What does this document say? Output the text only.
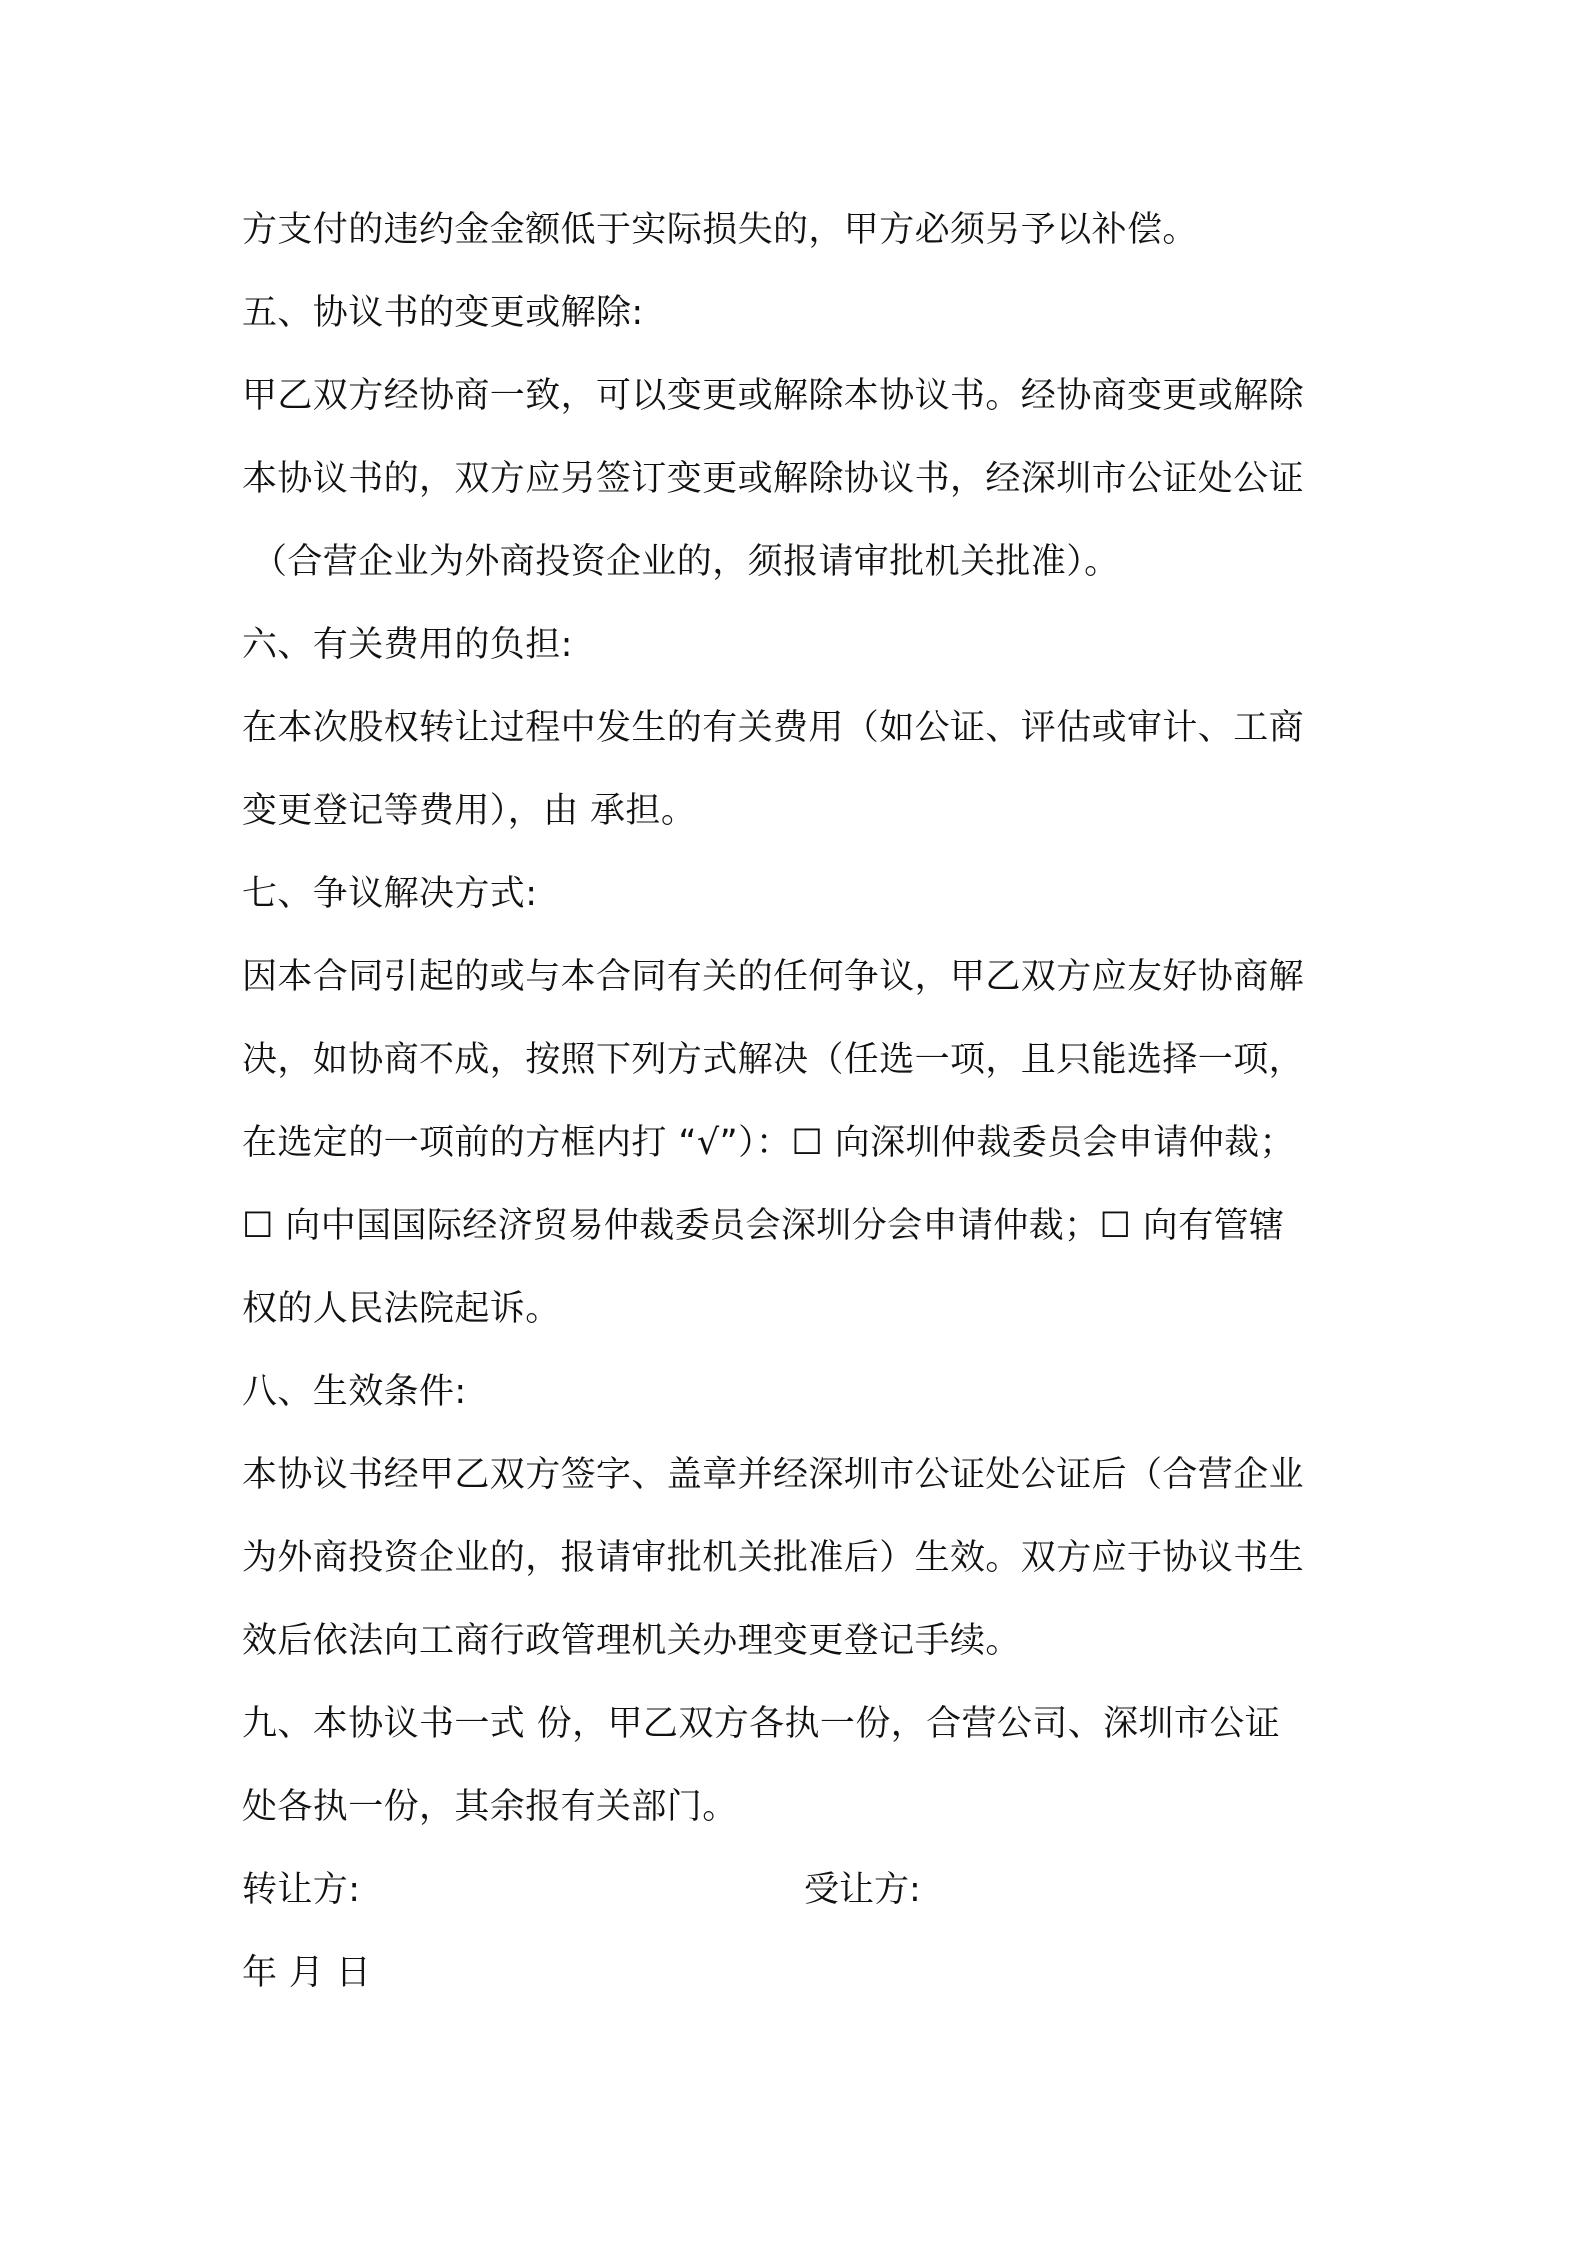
方支付的违约金金额低于实际损失的，甲方必须另予以补偿。
五、协议书的变更或解除:
甲乙双方经协商一致，可以变更或解除本协议书。经协商变更或解除
本协议书的，双方应另签订变更或解除协议书，经深圳市公证处公证
（合营企业为外商投资企业的，须报请审批机关批准）。
六、有关费用的负担:
在本次股权转让过程中发生的有关费用（如公证、评估或审计、工商
变更登记等费用），由 承担。
七、争议解决方式:
因本合同引起的或与本合同有关的任何争议，甲乙双方应友好协商解
决，如协商不成，按照下列方式解决（任选一项，且只能选择一项，
在选定的一项前的方框内打 “√”）：☐ 向深圳仲裁委员会申请仲裁；
☐ 向中国国际经济贸易仲裁委员会深圳分会申请仲裁；☐ 向有管辖
权的人民法院起诉。
八、生效条件:
本协议书经甲乙双方签字、盖章并经深圳市公证处公证后（合营企业
为外商投资企业的，报请审批机关批准后）生效。双方应于协议书生
效后依法向工商行政管理机关办理变更登记手续。
九、本协议书一式 份，甲乙双方各执一份，合营公司、深圳市公证
处各执一份，其余报有关部门。
转让方:	受让方:
年 月 日
